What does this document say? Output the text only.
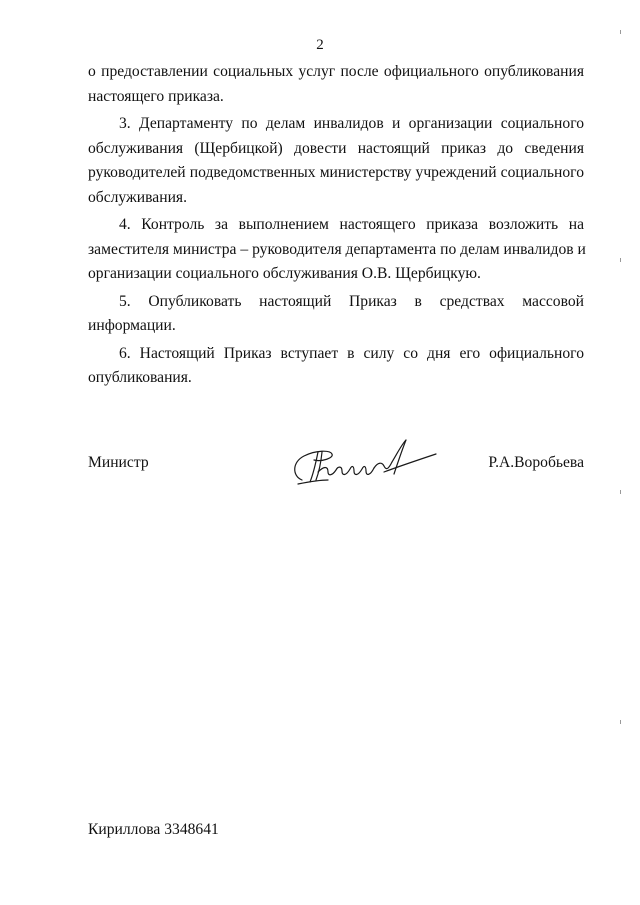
2
о предоставлении социальных услуг после официального опубликования
настоящего приказа.
3. Департаменту по делам инвалидов и организации социального
обслуживания (Щербицкой) довести настоящий приказ до сведения
руководителей подведомственных министерству учреждений социального
обслуживания.
4. Контроль за выполнением настоящего приказа возложить на
заместителя министра – руководителя департамента по делам инвалидов и
организации социального обслуживания О.В. Щербицкую.
5. Опубликовать настоящий Приказ в средствах массовой
информации.
6. Настоящий Приказ вступает в силу со дня его официального
опубликования.
Министр	Р.А.Воробьева
Кириллова 3348641
